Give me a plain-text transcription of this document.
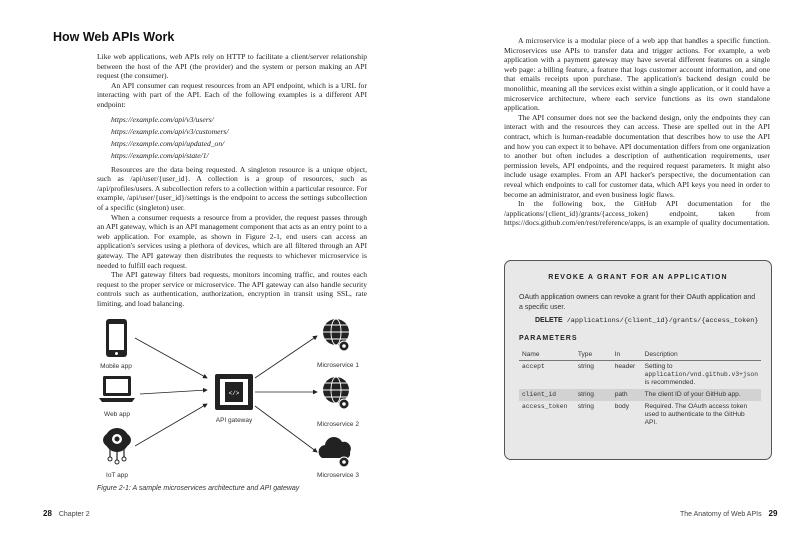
How Web APIs Work

Like web applications, web APIs rely on HTTP to facilitate a client/server relationship between the host of the API (the provider) and the system or person making an API request (the consumer).

An API consumer can request resources from an API endpoint, which is a URL for interacting with part of the API. Each of the following examples is a different API endpoint:

https://example.com/api/v3/users/
https://example.com/api/v3/customers/
https://example.com/api/updated_on/
https://example.com/api/state/1/

Resources are the data being requested. A singleton resource is a unique object, such as /api/user/{user_id}. A collection is a group of resources, such as /api/profiles/users. A subcollection refers to a collection within a particular resource. For example, /api/user/{user_id}/settings is the endpoint to access the settings subcollection of a specific (singleton) user.

When a consumer requests a resource from a provider, the request passes through an API gateway, which is an API management component that acts as an entry point to a web application. For example, as shown in Figure 2-1, end users can access an application's services using a plethora of devices, which are all filtered through an API gateway. The API gateway then distributes the requests to whichever microservice is needed to fulfill each request.

The API gateway filters bad requests, monitors incoming traffic, and routes each request to the proper service or microservice. The API gateway can also handle security controls such as authentication, authorization, encryption in transit using SSL, rate limiting, and load balancing.

Mobile app
Web app
IoT app
</>
API gateway
Microservice 1
Microservice 2
Microservice 3
Figure 2-1: A sample microservices architecture and API gateway
28 Chapter 2

A microservice is a modular piece of a web app that handles a specific function. Microservices use APIs to transfer data and trigger actions. For example, a web application with a payment gateway may have several different features on a single web page: a billing feature, a feature that logs customer account information, and one that emails receipts upon purchase. The application's backend design could be monolithic, meaning all the services exist within a single application, or it could have a microservice architecture, where each service functions as its own standalone application.

The API consumer does not see the backend design, only the endpoints they can interact with and the resources they can access. These are spelled out in the API contract, which is human-readable documentation that describes how to use the API and how you can expect it to behave. API documentation differs from one organization to another but often includes a description of authentication requirements, user permission levels, API endpoints, and the required request parameters. It might also include usage examples. From an API hacker's perspective, the documentation can reveal which endpoints to call for customer data, which API keys you need in order to become an administrator, and even business logic flaws.

In the following box, the GitHub API documentation for the /applications/{client_id}/grants/{access_token} endpoint, taken from https://docs.github.com/en/rest/reference/apps, is an example of quality documentation.

REVOKE A GRANT FOR AN APPLICATION
OAuth application owners can revoke a grant for their OAuth application and a specific user.
DELETE /applications/{client_id}/grants/{access_token}
PARAMETERS
Name	Type	In	Description
accept	string	header	Setting to application/vnd.github.v3+json is recommended.
client_id	string	path	The client ID of your GitHub app.
access_token	string	body	Required. The OAuth access token used to authenticate to the GitHub API.
The Anatomy of Web APIs 29
